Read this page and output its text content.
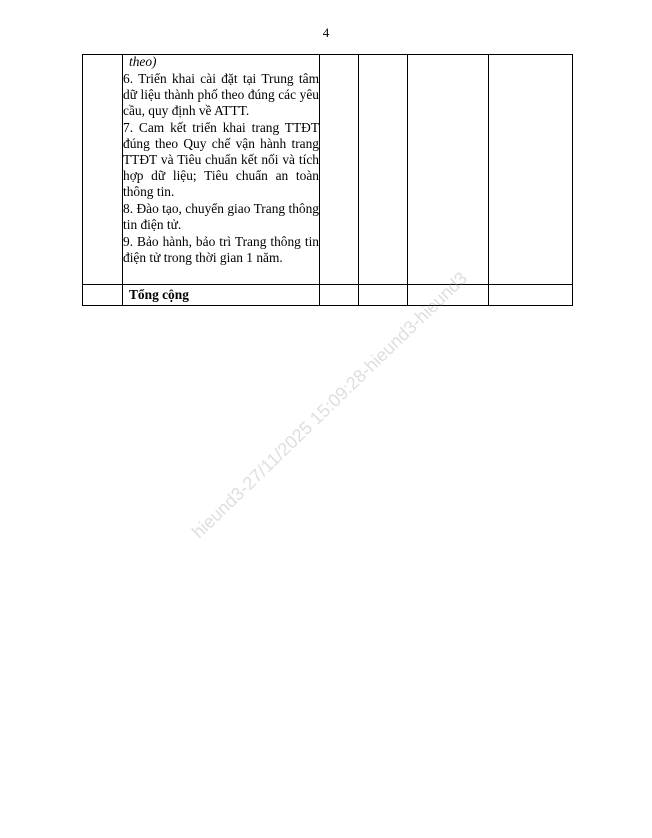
4

	theo)

6. Triển khai cài đặt tại Trung tâm dữ liệu thành phố theo đúng các yêu cầu, quy định về ATTT.

7. Cam kết triển khai trang TTĐT đúng theo Quy chế vận hành trang TTĐT và Tiêu chuẩn kết nối và tích hợp dữ liệu; Tiêu chuẩn an toàn thông tin.

8. Đào tạo, chuyển giao Trang thông tin điện tử.

9. Bảo hành, bảo trì Trang thông tin điện tử trong thời gian 1 năm.				

	Tổng cộng				
				hieund3-27/11/2025 15:09:28-hieund3-hieund3
